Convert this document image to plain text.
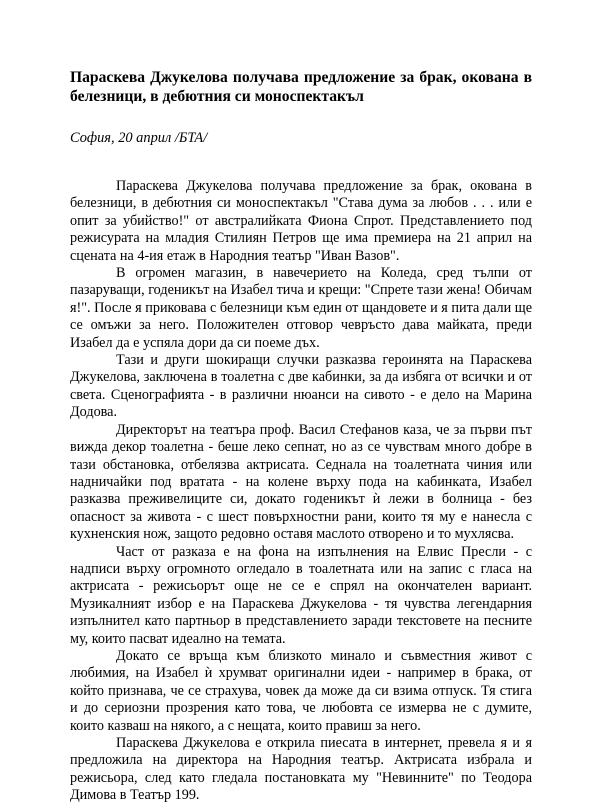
Параскева Джукелова получава предложение за брак, окована в белезници, в дебютния си моноспектакъл

София, 20 април /БТА/

Параскева Джукелова получава предложение за брак, окована в белезници, в дебютния си моноспектакъл "Става дума за любов . . . или е опит за убийство!" от австралийката Фиона Спрот. Представлението под режисурата на младия Стилиян Петров ще има премиера на 21 април на сцената на 4-ия етаж в Народния театър "Иван Вазов".

В огромен магазин, в навечерието на Коледа, сред тълпи от пазаруващи, годеникът на Изабел тича и крещи: "Спрете тази жена! Обичам я!". После я приковава с белезници към един от щандовете и я пита дали ще се омъжи за него. Положителен отговор чевръсто дава майката, преди Изабел да е успяла дори да си поеме дъх.

Тази и други шокиращи случки разказва героинята на Параскева Джукелова, заключена в тоалетна с две кабинки, за да избяга от всички и от света. Сценографията - в различни нюанси на сивото - е дело на Марина Додова.

Директорът на театъра проф. Васил Стефанов каза, че за първи път вижда декор тоалетна - беше леко сепнат, но аз се чувствам много добре в тази обстановка, отбелязва актрисата. Седнала на тоалетната чиния или надничайки под вратата - на колене върху пода на кабинката, Изабел разказва преживелиците си, докато годеникът ѝ лежи в болница - без опасност за живота - с шест повърхностни рани, които тя му е нанесла с кухненския нож, защото редовно оставя маслото отворено и то мухлясва.

Част от разказа е на фона на изпълнения на Елвис Пресли - с надписи върху огромното огледало в тоалетната или на запис с гласа на актрисата - режисьорът още не се е спрял на окончателен вариант. Музикалният избор е на Параскева Джукелова - тя чувства легендарния изпълнител като партньор в представлението заради текстовете на песните му, които пасват идеално на темата.

Докато се връща към близкото минало и съвместния живот с любимия, на Изабел ѝ хрумват оригинални идеи - например в брака, от който признава, че се страхува, човек да може да си взима отпуск. Тя стига и до сериозни прозрения като това, че любовта се измерва не с думите, които казваш на някого, а с нещата, които правиш за него.

Параскева Джукелова е открила пиесата в интернет, превела я и я предложила на директора на Народния театър. Актрисата избрала и режисьора, след като гледала постановката му "Невинните" по Теодора Димова в Театър 199.
